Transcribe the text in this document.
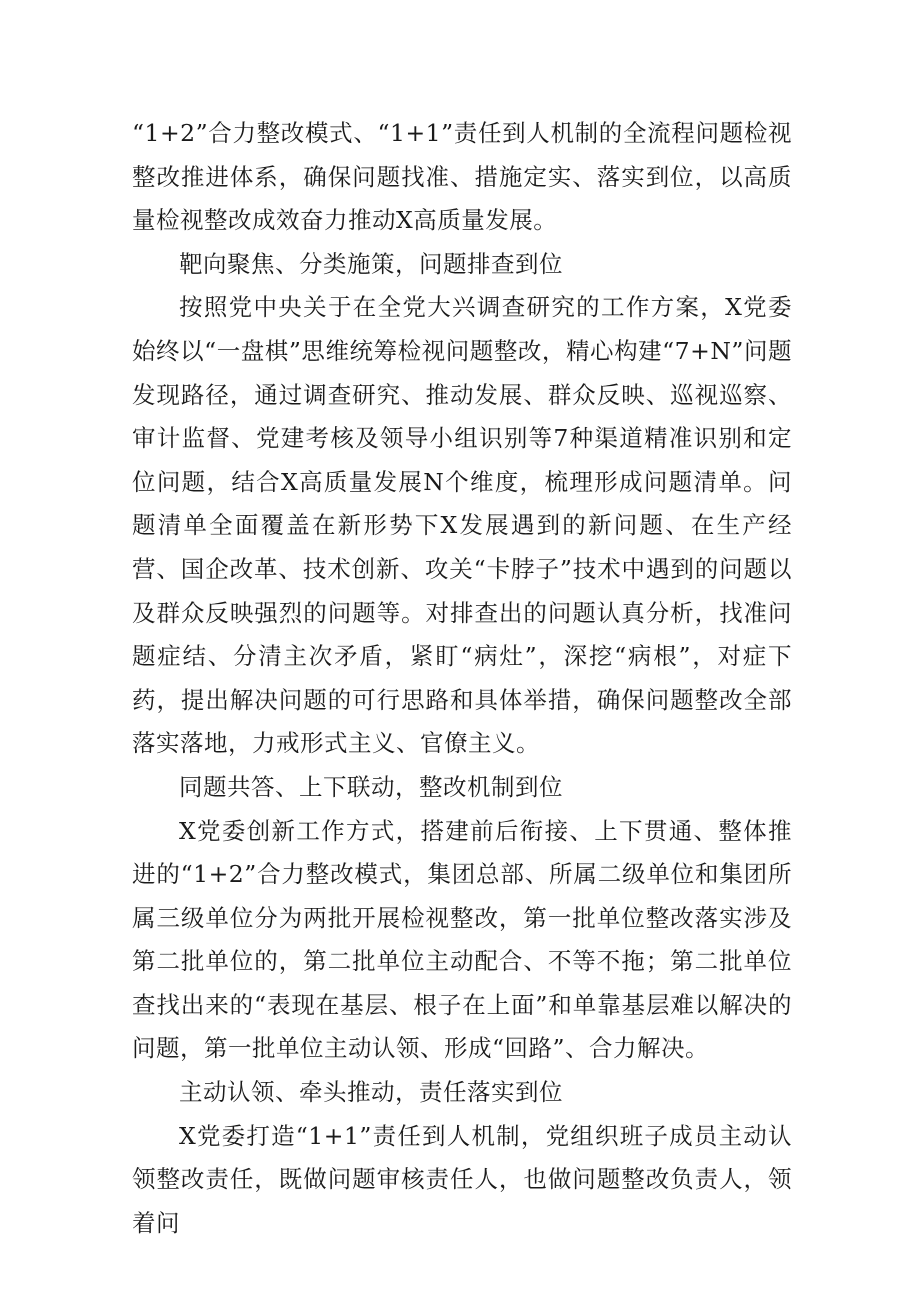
“1+2”合力整改模式、“1+1”责任到人机制的全流程问题检视整改推进体系，确保问题找准、措施定实、落实到位，以高质量检视整改成效奋力推动X高质量发展。

靶向聚焦、分类施策，问题排查到位

按照党中央关于在全党大兴调查研究的工作方案，X党委始终以“一盘棋”思维统筹检视问题整改，精心构建“7+N”问题发现路径，通过调查研究、推动发展、群众反映、巡视巡察、审计监督、党建考核及领导小组识别等7种渠道精准识别和定位问题，结合X高质量发展N个维度，梳理形成问题清单。问题清单全面覆盖在新形势下X发展遇到的新问题、在生产经营、国企改革、技术创新、攻关“卡脖子”技术中遇到的问题以及群众反映强烈的问题等。对排查出的问题认真分析，找准问题症结、分清主次矛盾，紧盯“病灶”，深挖“病根”，对症下药，提出解决问题的可行思路和具体举措，确保问题整改全部落实落地，力戒形式主义、官僚主义。

同题共答、上下联动，整改机制到位

X党委创新工作方式，搭建前后衔接、上下贯通、整体推进的“1+2”合力整改模式，集团总部、所属二级单位和集团所属三级单位分为两批开展检视整改，第一批单位整改落实涉及第二批单位的，第二批单位主动配合、不等不拖；第二批单位查找出来的“表现在基层、根子在上面”和单靠基层难以解决的问题，第一批单位主动认领、形成“回路”、合力解决。

主动认领、牵头推动，责任落实到位

X党委打造“1+1”责任到人机制，党组织班子成员主动认领整改责任，既做问题审核责任人，也做问题整改负责人，领着问
